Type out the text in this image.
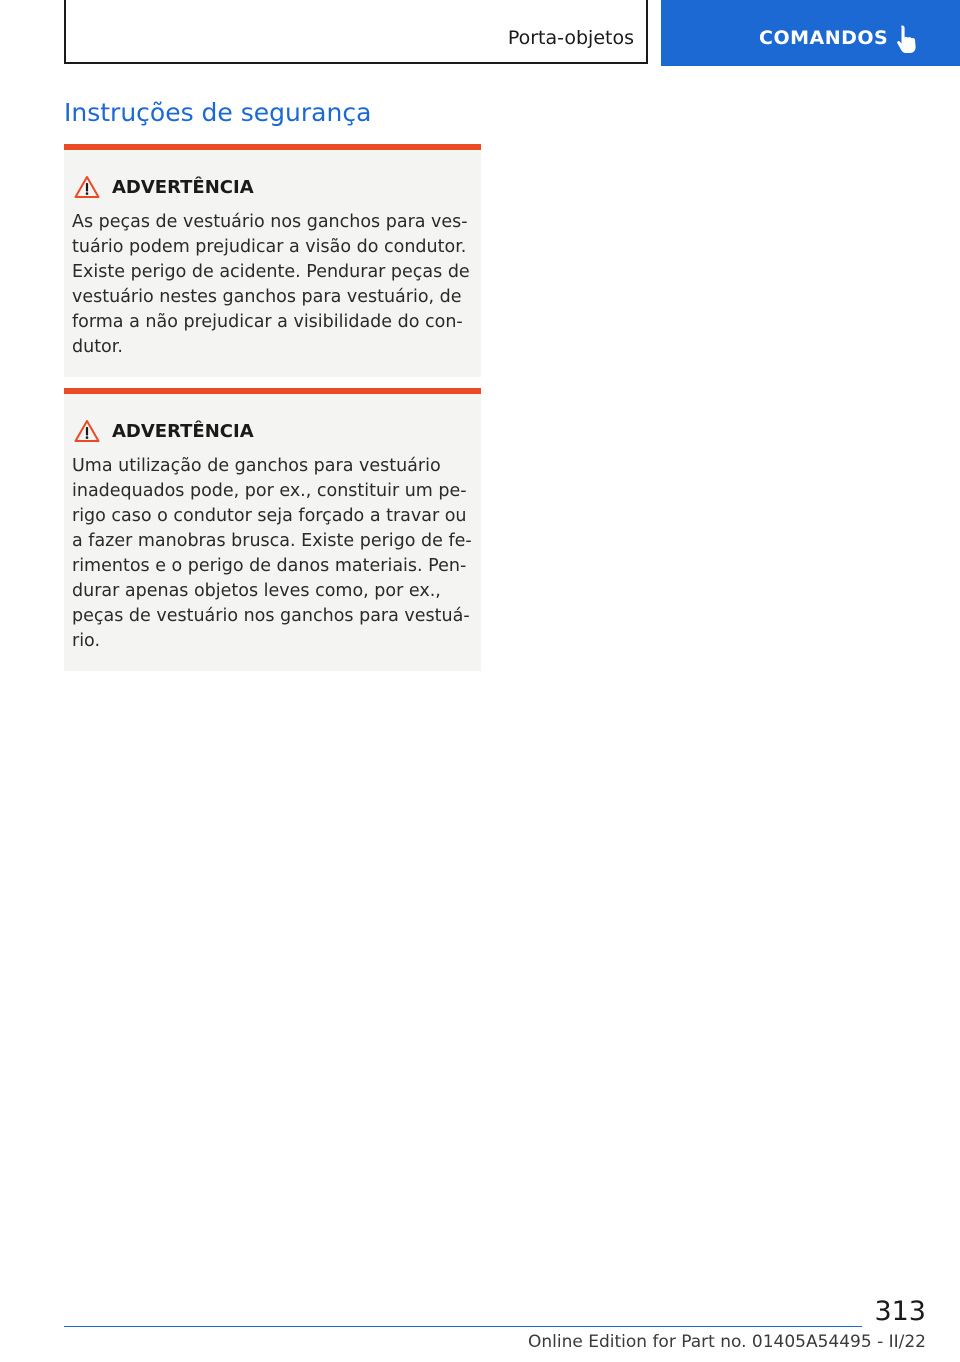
Porta-objetos	COMANDOS
Instruções de segurança
ADVERTÊNCIA

As peças de vestuário nos ganchos para ves-
tuário podem prejudicar a visão do condutor.
Existe perigo de acidente. Pendurar peças de
vestuário nestes ganchos para vestuário, de
forma a não prejudicar a visibilidade do con-
dutor.

ADVERTÊNCIA

Uma utilização de ganchos para vestuário
inadequados pode, por ex., constituir um pe-
rigo caso o condutor seja forçado a travar ou
a fazer manobras brusca. Existe perigo de fe-
rimentos e o perigo de danos materiais. Pen-
durar apenas objetos leves como, por ex.,
peças de vestuário nos ganchos para vestuá-
rio.

313
Online Edition for Part no. 01405A54495 - II/22
